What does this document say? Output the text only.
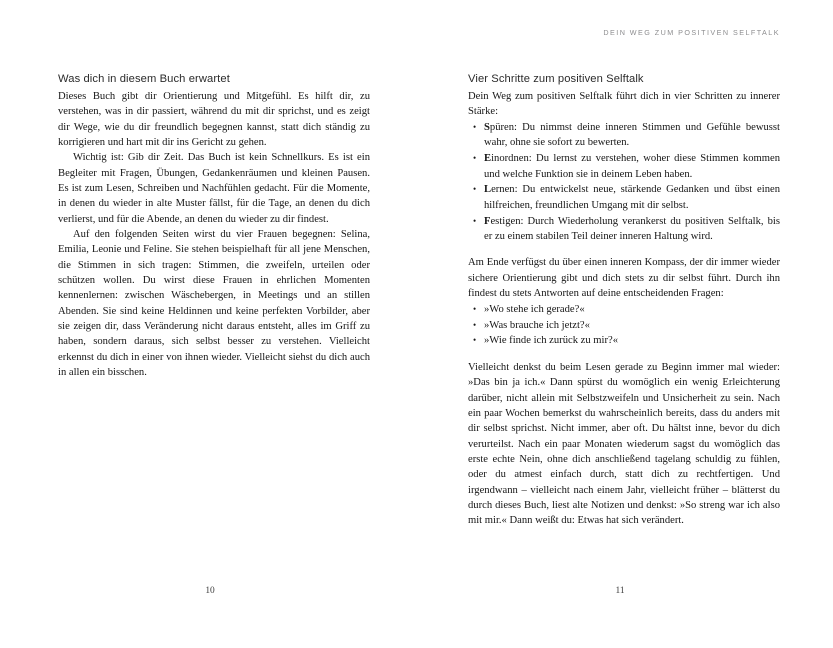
DEIN WEG ZUM POSITIVEN SELFTALK
Was dich in diesem Buch erwartet

Dieses Buch gibt dir Orientierung und Mitgefühl. Es hilft dir, zu verstehen, was in dir passiert, während du mit dir sprichst, und es zeigt dir Wege, wie du dir freundlich begegnen kannst, statt dich ständig zu korrigieren und hart mit dir ins Gericht zu gehen.

Wichtig ist: Gib dir Zeit. Das Buch ist kein Schnellkurs. Es ist ein Begleiter mit Fragen, Übungen, Gedankenräumen und kleinen Pausen. Es ist zum Lesen, Schreiben und Nachfühlen gedacht. Für die Momente, in denen du wieder in alte Muster fällst, für die Tage, an denen du dich verlierst, und für die Abende, an denen du wieder zu dir findest.

Auf den folgenden Seiten wirst du vier Frauen begegnen: Selina, Emilia, Leonie und Feline. Sie stehen beispielhaft für all jene Menschen, die Stimmen in sich tragen: Stimmen, die zweifeln, urteilen oder schützen wollen. Du wirst diese Frauen in ehrlichen Momenten kennenlernen: zwischen Wäschebergen, in Meetings und an stillen Abenden. Sie sind keine Heldinnen und keine perfekten Vorbilder, aber sie zeigen dir, dass Veränderung nicht daraus entsteht, alles im Griff zu haben, sondern daraus, sich selbst besser zu verstehen. Vielleicht erkennst du dich in einer von ihnen wieder. Vielleicht siehst du dich auch in allen ein bisschen.

10
Vier Schritte zum positiven Selftalk

Dein Weg zum positiven Selftalk führt dich in vier Schritten zu innerer Stärke:

• Spüren: Du nimmst deine inneren Stimmen und Gefühle bewusst wahr, ohne sie sofort zu bewerten.
• Einordnen: Du lernst zu verstehen, woher diese Stimmen kommen und welche Funktion sie in deinem Leben haben.
• Lernen: Du entwickelst neue, stärkende Gedanken und übst einen hilfreichen, freundlichen Umgang mit dir selbst.
• Festigen: Durch Wiederholung verankerst du positiven Selftalk, bis er zu einem stabilen Teil deiner inneren Haltung wird.

Am Ende verfügst du über einen inneren Kompass, der dir immer wieder sichere Orientierung gibt und dich stets zu dir selbst führt. Durch ihn findest du stets Antworten auf deine entscheidenden Fragen:

• »Wo stehe ich gerade?«
• »Was brauche ich jetzt?«
• »Wie finde ich zurück zu mir?«

Vielleicht denkst du beim Lesen gerade zu Beginn immer mal wieder: »Das bin ja ich.« Dann spürst du womöglich ein wenig Erleichterung darüber, nicht allein mit Selbstzweifeln und Unsicherheit zu sein. Nach ein paar Wochen bemerkst du wahrscheinlich bereits, dass du anders mit dir selbst sprichst. Nicht immer, aber oft. Du hältst inne, bevor du dich verurteilst. Nach ein paar Monaten wiederum sagst du womöglich das erste echte Nein, ohne dich anschließend tagelang schuldig zu fühlen, oder du atmest einfach durch, statt dich zu rechtfertigen. Und irgendwann – vielleicht nach einem Jahr, vielleicht früher – blätterst du durch dieses Buch, liest alte Notizen und denkst: »So streng war ich also mit mir.« Dann weißt du: Etwas hat sich verändert.

11
